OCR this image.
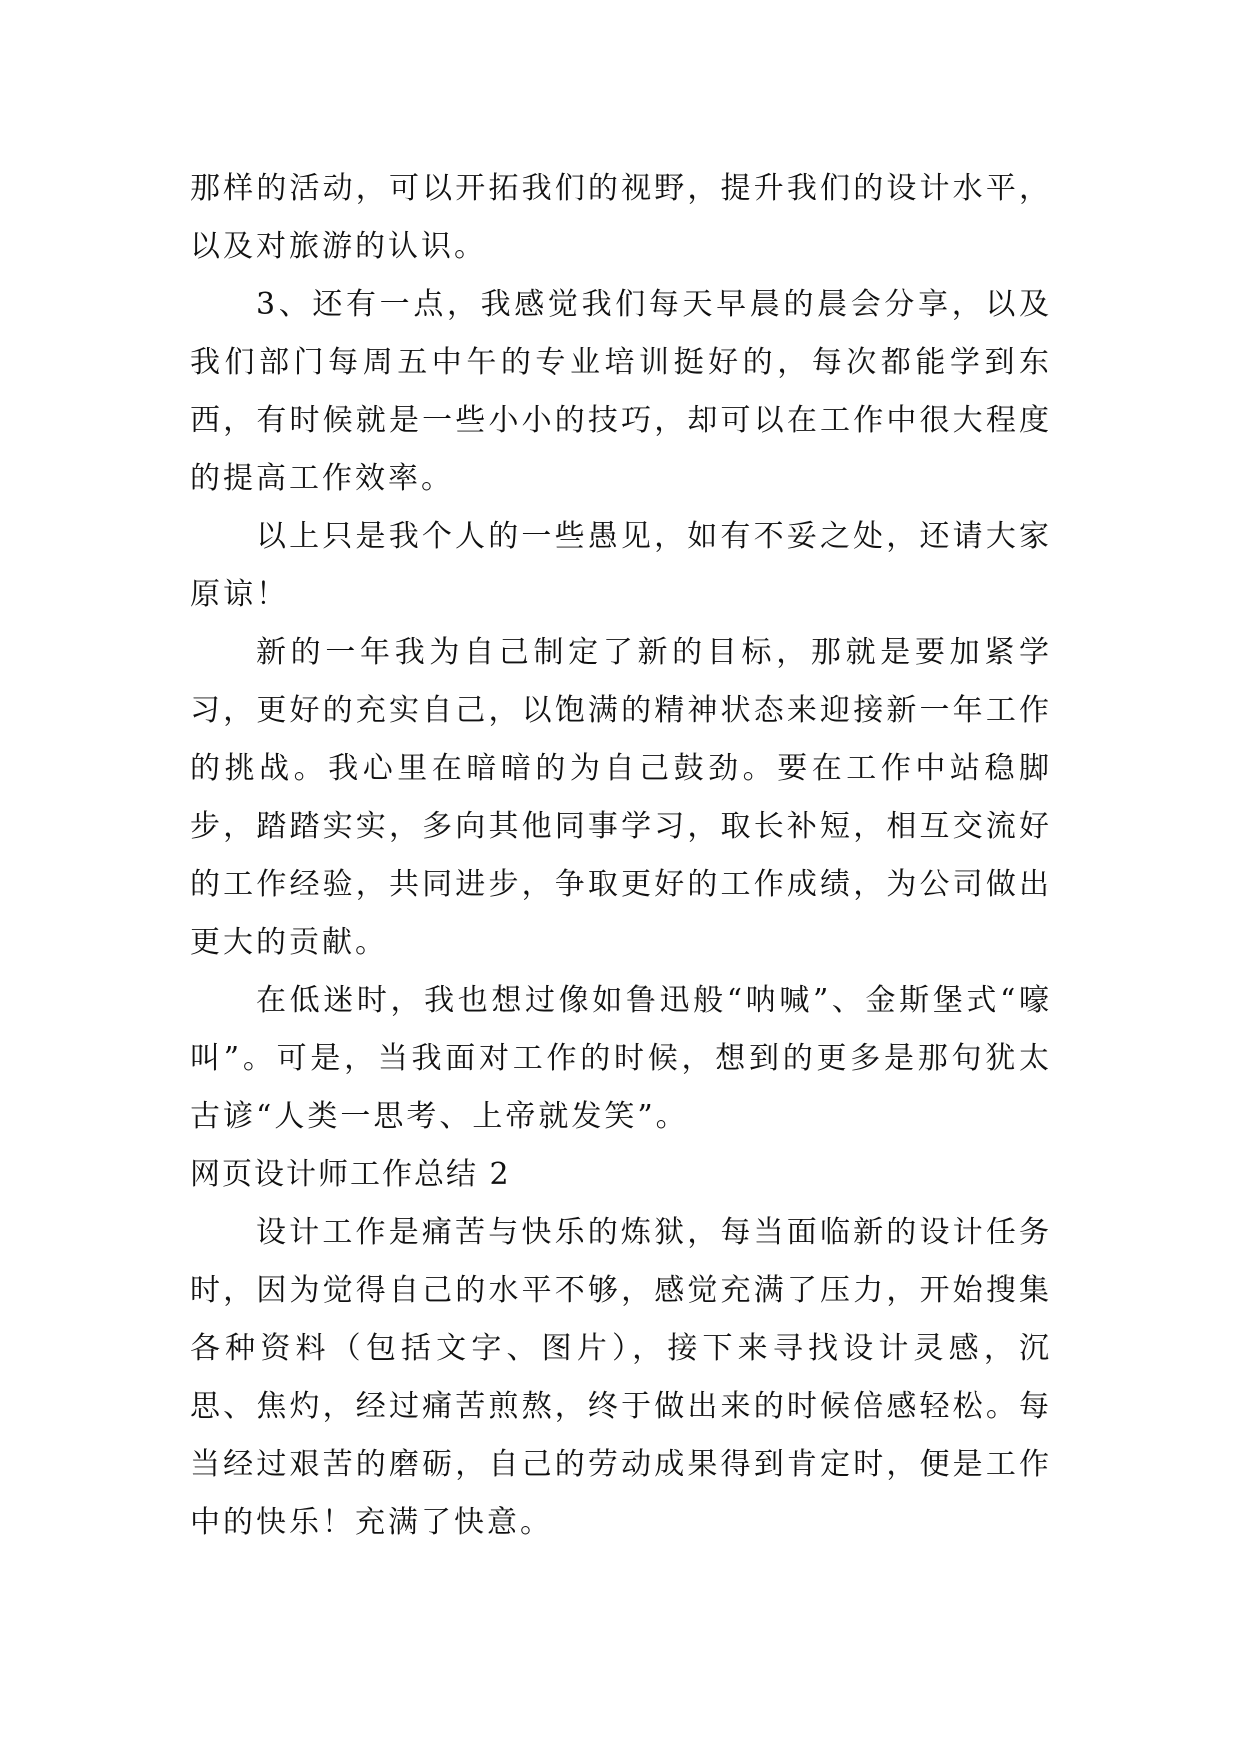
那样的活动，可以开拓我们的视野，提升我们的设计水平，以及对旅游的认识。

3、还有一点，我感觉我们每天早晨的晨会分享，以及我们部门每周五中午的专业培训挺好的，每次都能学到东西，有时候就是一些小小的技巧，却可以在工作中很大程度的提高工作效率。

以上只是我个人的一些愚见，如有不妥之处，还请大家原谅！

新的一年我为自己制定了新的目标，那就是要加紧学习，更好的充实自己，以饱满的精神状态来迎接新一年工作的挑战。我心里在暗暗的为自己鼓劲。要在工作中站稳脚步，踏踏实实，多向其他同事学习，取长补短，相互交流好的工作经验，共同进步，争取更好的工作成绩，为公司做出更大的贡献。

在低迷时，我也想过像如鲁迅般“呐喊”、金斯堡式“嚎叫”。可是，当我面对工作的时候，想到的更多是那句犹太古谚“人类一思考、上帝就发笑”。

网页设计师工作总结 2

设计工作是痛苦与快乐的炼狱，每当面临新的设计任务时，因为觉得自己的水平不够，感觉充满了压力，开始搜集各种资料（包括文字、图片），接下来寻找设计灵感，沉思、焦灼，经过痛苦煎熬，终于做出来的时候倍感轻松。每当经过艰苦的磨砺，自己的劳动成果得到肯定时，便是工作中的快乐！充满了快意。
